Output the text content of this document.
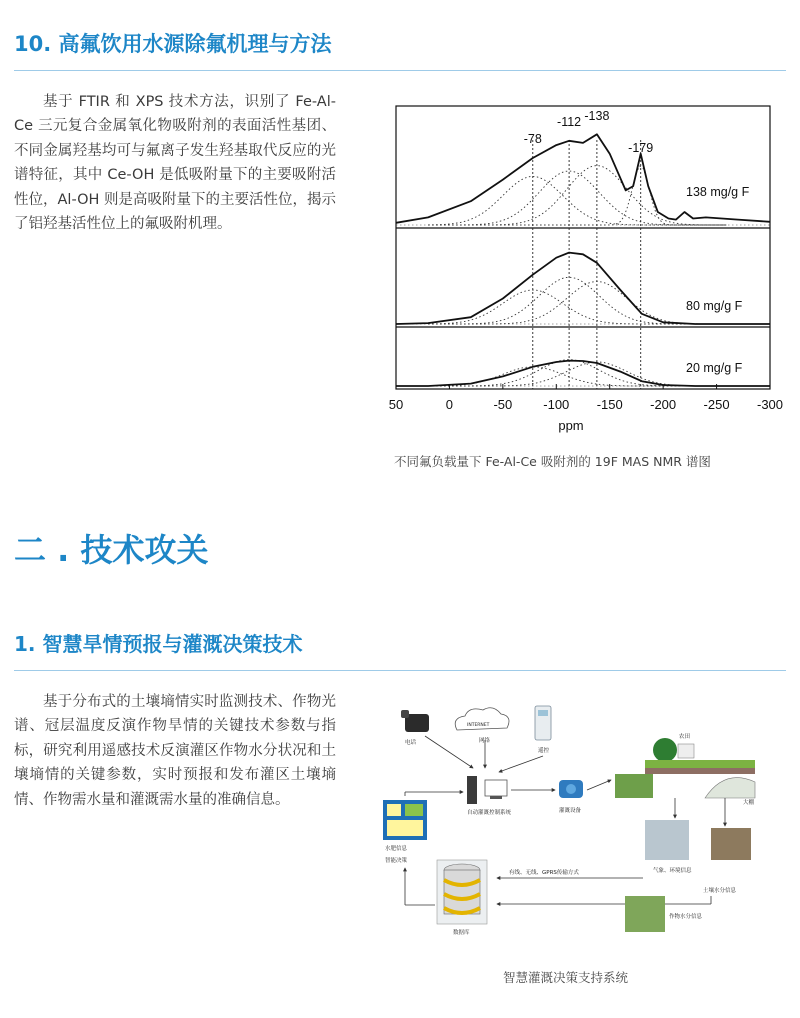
10. 高氟饮用水源除氟机理与方法

基于 FTIR 和 XPS 技术方法，识别了 Fe-Al-Ce 三元复合金属氧化物吸附剂的表面活性基团、不同金属羟基均可与氟离子发生羟基取代反应的光谱特征，其中 Ce-OH 是低吸附量下的主要吸附活性位，Al-OH 则是高吸附量下的主要活性位，揭示了铝羟基活性位上的氟吸附机理。

-78
-112 -138
-179
138 mg/g F
80 mg/g F
20 mg/g F
50	0	-50 -100 -150 -200 -250 -300
ppm

不同氟负载量下 Fe-Al-Ce 吸附剂的 19F MAS NMR 谱图

二 . 技术攻关
1. 智慧旱情预报与灌溉决策技术

基于分布式的土壤墒情实时监测技术、作物光谱、冠层温度反演作物旱情的关键技术参数与指标，研究利用遥感技术反演灌区作物水分状况和土壤墒情的关键参数，实时预报和发布灌区土壤墒情、作物需水量和灌溉需水量的准确信息。

电话
INTERNET
网络
遥控
农田
自动灌溉控制系统	灌溉设备
大棚
水肥信息
智能决策
气象、环境信息
土壤水分信息
有线、无线、GPRS传输方式
数据库
作物水分信息

智慧灌溉决策支持系统
